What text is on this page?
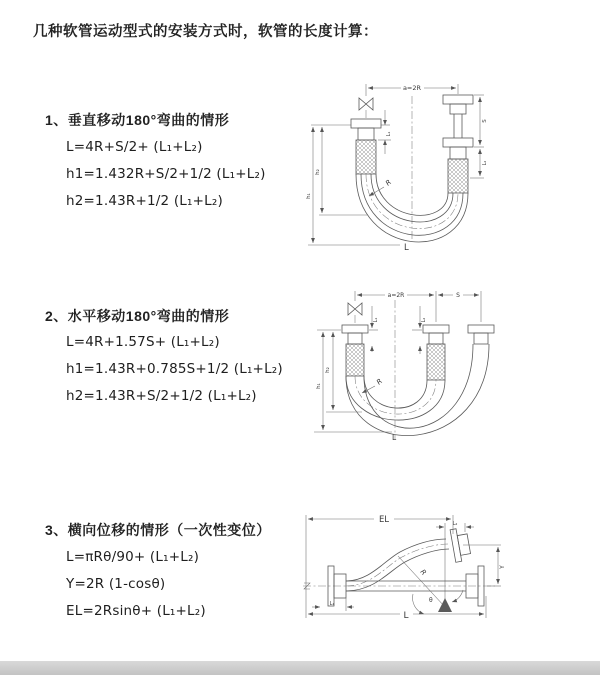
几种软管运动型式的安装方式时，软管的长度计算：
1、垂直移动180°弯曲的情形
L=4R+S/2+ (L₁+L₂)
h1=1.432R+S/2+1/2 (L₁+L₂)
h2=1.43R+1/2 (L₁+L₂)
2、水平移动180°弯曲的情形
L=4R+1.57S+ (L₁+L₂)
h1=1.43R+0.785S+1/2 (L₁+L₂)
h2=1.43R+S/2+1/2 (L₁+L₂)
3、横向位移的情形（一次性变位）
L=πRθ/90+ (L₁+L₂)
Y=2R (1-cosθ)
EL=2Rsinθ+ (L₁+L₂)
a=2R
h₂
h₁
L₁
S
L₂
R
L
a=2R	S
L₁	L₂
h₂
h₁	R
L
EL	L₂
Y
R
θ
L₁
L
